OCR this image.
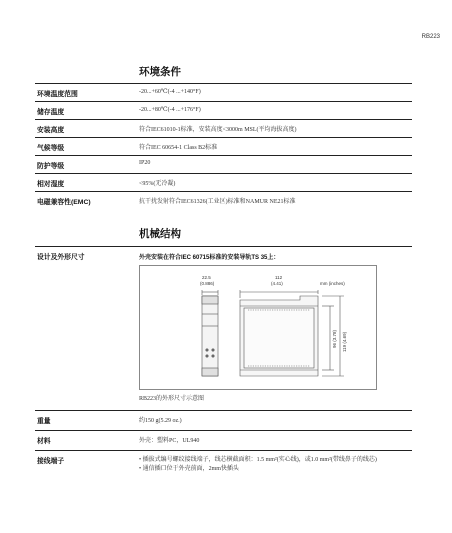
RB223
环境条件
环境温度范围	-20...+60℃(-4 ...+140°F)
储存温度	-20...+80℃(-4 ...+176°F)
安装高度	符合IEC61010-1标准，安装高度<3000m MSL(平均海拔高度)
气候等级	符合IEC 60654-1 Class B2标准
防护等级	IP20
相对湿度	<95%(无冷凝)
电磁兼容性(EMC)	抗干扰发射符合IEC61326(工业区)标准和NAMUR NE21标准
机械结构
设计及外形尺寸	外壳安装在符合IEC 60715标准的安装导轨TS 35上：
22.5
(0.886)
112
(4.41)	mm (inches)
96 (3.78) 119 (4.69)
RB223的外形尺寸示意图
重量	约150 g(5.29 oz.)
材料	外壳：塑料PC，UL940
接线端子	• 插拔式编号螺纹接线端子，线芯横截面积：1.5 mm²(实心线)，或1.0 mm²(带线鼻子的线芯)
• 通信插口位于外壳前面，2mm快插头
